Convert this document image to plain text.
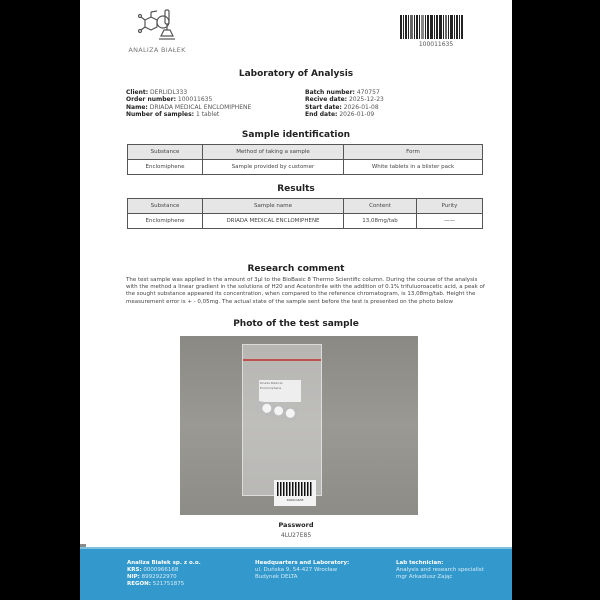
ANALIZA BIAŁEK
100011635
Laboratory of Analysis
Client: DERLIDL333
Order number: 100011635
Name: DRIADA MEDICAL ENCLOMIPHENE
Number of samples: 1 tablet
Batch number: 470757
Recive date: 2025-12-23
Start date: 2026-01-08
End date: 2026-01-09
Sample identification
Substance	Method of taking a sample	Form
Enclomiphene	Sample provided by customer	White tablets in a blister pack
Results
Substance	Sample name	Content	Purity
Enclomiphene	DRIADA MEDICAL ENCLOMIPHENE	13,08mg/tab	——
Research comment
The test sample was applied in the amount of 3µl to the BioBasic 8 Thermo Scientific column. During the course of the analysis with the method a linear gradient in the solutions of H20 and Acetonitrile with the addition of 0.1% trifuluoroacetic acid, a peak of the sought substance appeared its concentration, when compared to the reference chromatogram, is 13,08mg/tab. Height the measurement error is + - 0,05mg. The actual state of the sample sent before the test is presented on the photo below
Photo of the test sample
Driada Medical Enclomiphene
100011635
Password
4LU27E85
Analiza Białek sp. z o.o.
KRS: 0000966168
NIP: 8992922970
REGON: 521751875
Headquarters and Laboratory:
ul. Duńska 9, 54-427 Wrocław
Budynek DELTA
Lab technician:
Analysis and research specialist
mgr Arkadiusz Zając
